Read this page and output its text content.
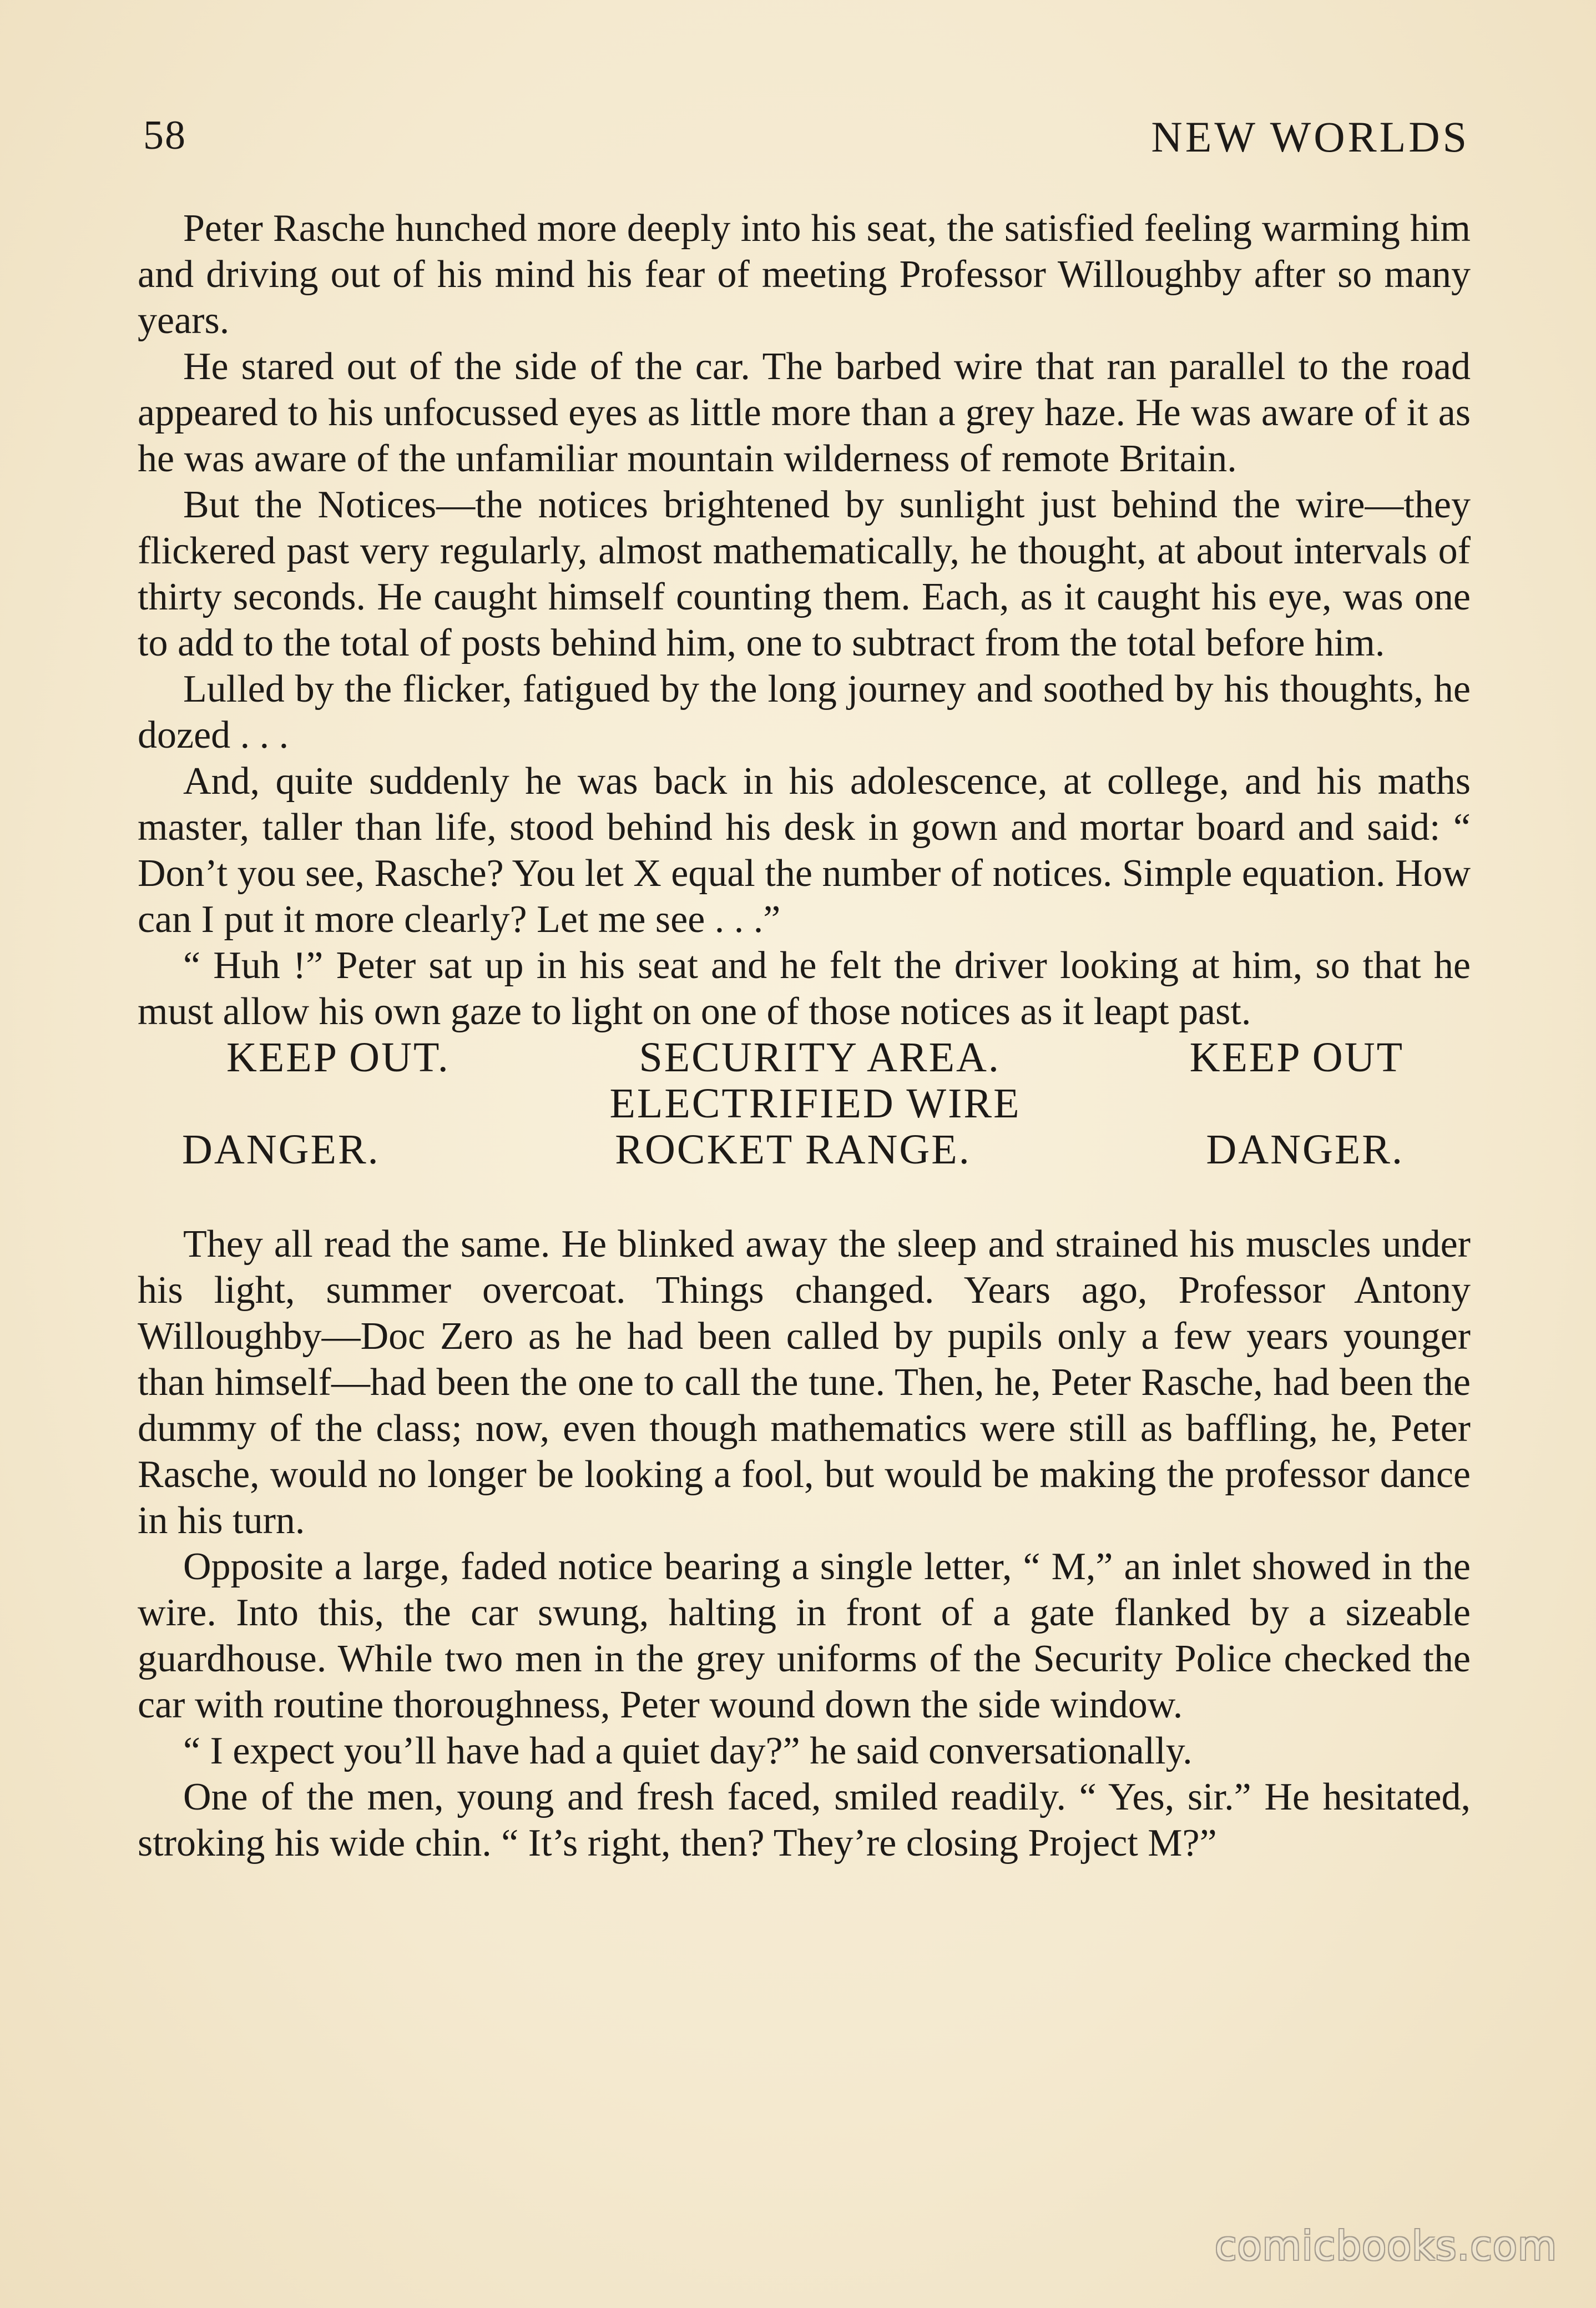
58	NEW WORLDS

Peter Rasche hunched more deeply into his seat, the satisfied feeling warming him and driving out of his mind his fear of meeting Professor Willoughby after so many years.

He stared out of the side of the car. The barbed wire that ran parallel to the road appeared to his unfocussed eyes as little more than a grey haze. He was aware of it as he was aware of the unfamiliar mountain wilderness of remote Britain.

But the Notices—the notices brightened by sunlight just behind the wire—they flickered past very regularly, almost mathematically, he thought, at about intervals of thirty seconds. He caught himself counting them. Each, as it caught his eye, was one to add to the total of posts behind him, one to subtract from the total before him.

Lulled by the flicker, fatigued by the long journey and soothed by his thoughts, he dozed . . .

And, quite suddenly he was back in his adolescence, at college, and his maths master, taller than life, stood behind his desk in gown and mortar board and said: “ Don’t you see, Rasche? You let X equal the number of notices. Simple equation. How can I put it more clearly? Let me see . . .”

“ Huh !” Peter sat up in his seat and he felt the driver looking at him, so that he must allow his own gaze to light on one of those notices as it leapt past.

KEEP OUT.	SECURITY AREA.	KEEP OUT
ELECTRIFIED WIRE
DANGER.	ROCKET RANGE.	DANGER.

They all read the same. He blinked away the sleep and strained his muscles under his light, summer overcoat. Things changed. Years ago, Professor Antony Willoughby—Doc Zero as he had been called by pupils only a few years younger than himself—had been the one to call the tune. Then, he, Peter Rasche, had been the dummy of the class; now, even though mathematics were still as baffling, he, Peter Rasche, would no longer be looking a fool, but would be making the professor dance in his turn.

Opposite a large, faded notice bearing a single letter, “ M,” an inlet showed in the wire. Into this, the car swung, halting in front of a gate flanked by a sizeable guardhouse. While two men in the grey uniforms of the Security Police checked the car with routine thoroughness, Peter wound down the side window.

“ I expect you’ll have had a quiet day?” he said conversationally.

One of the men, young and fresh faced, smiled readily. “ Yes, sir.” He hesitated, stroking his wide chin. “ It’s right, then? They’re closing Project M?”

comicbooks.com
